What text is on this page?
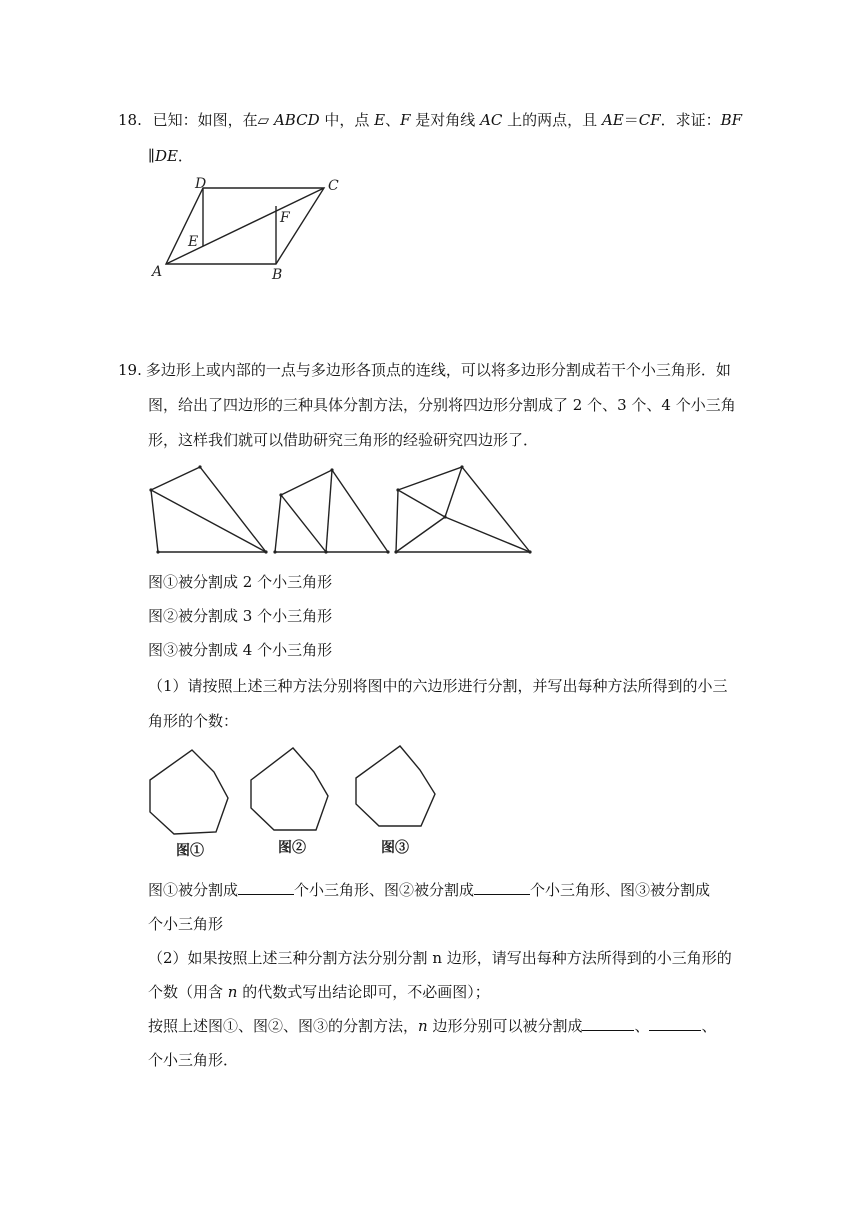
18. 已知：如图，在▱ ABCD 中，点 E、F 是对角线 AC 上的两点，且 AE＝CF．求证：BF
∥DE．
A	B
C
D
E
F
19. 多边形上或内部的一点与多边形各顶点的连线，可以将多边形分割成若干个小三角形．如
图，给出了四边形的三种具体分割方法，分别将四边形分割成了 2 个、3 个、4 个小三角
形，这样我们就可以借助研究三角形的经验研究四边形了．
图①被分割成 2 个小三角形
图②被分割成 3 个小三角形
图③被分割成 4 个小三角形
（1）请按照上述三种方法分别将图中的六边形进行分割，并写出每种方法所得到的小三
角形的个数：
图①	图②	图③
图①被分割成	个小三角形、图②被分割成	个小三角形、图③被分割成
个小三角形
（2）如果按照上述三种分割方法分别分割 n 边形，请写出每种方法所得到的小三角形的
个数（用含 n 的代数式写出结论即可，不必画图）；
按照上述图①、图②、图③的分割方法，n 边形分别可以被分割成	、	、
个小三角形．
